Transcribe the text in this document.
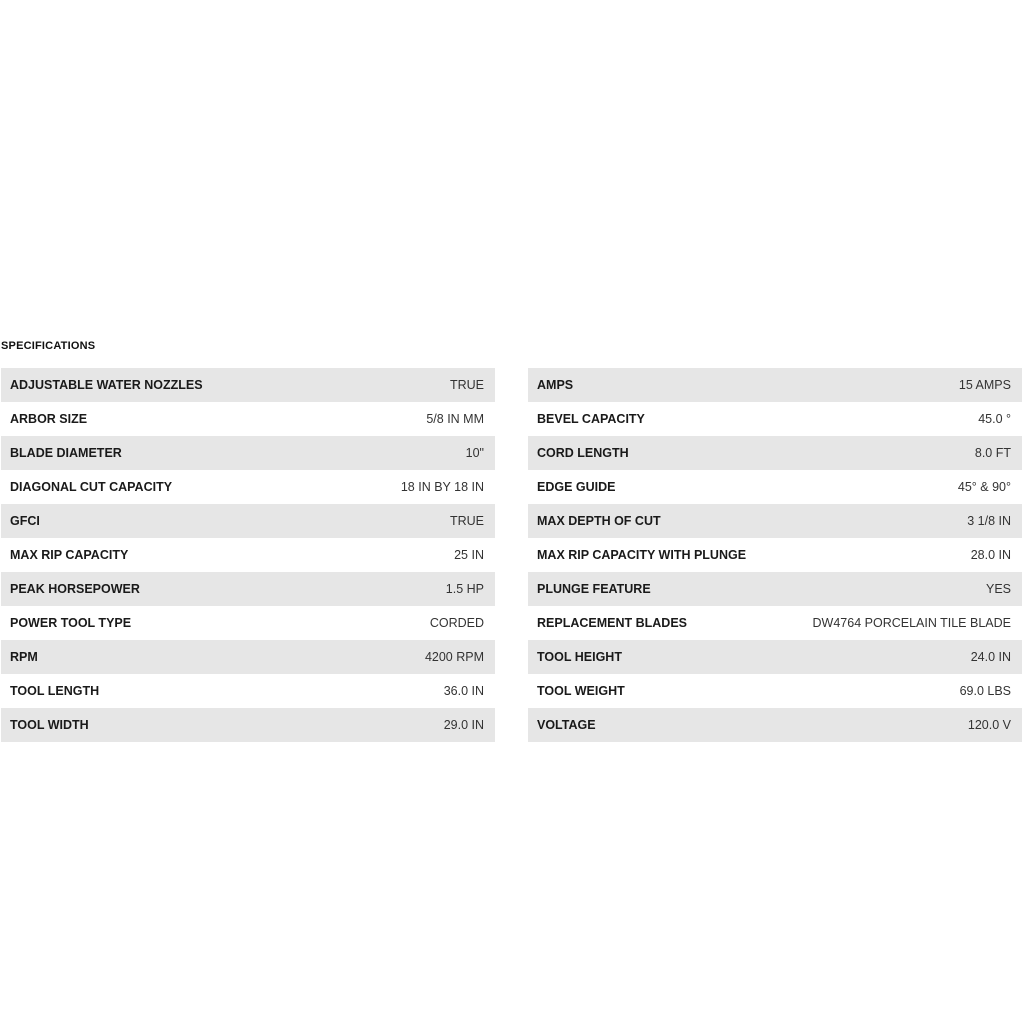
SPECIFICATIONS
ADJUSTABLE WATER NOZZLES	TRUE
ARBOR SIZE	5/8 IN MM
BLADE DIAMETER	10"
DIAGONAL CUT CAPACITY	18 IN BY 18 IN
GFCI	TRUE
MAX RIP CAPACITY	25 IN
PEAK HORSEPOWER	1.5 HP
POWER TOOL TYPE	CORDED
RPM	4200 RPM
TOOL LENGTH	36.0 IN
TOOL WIDTH	29.0 IN
AMPS	15 AMPS
BEVEL CAPACITY	45.0 °
CORD LENGTH	8.0 FT
EDGE GUIDE	45° & 90°
MAX DEPTH OF CUT	3 1/8 IN
MAX RIP CAPACITY WITH PLUNGE	28.0 IN
PLUNGE FEATURE	YES
REPLACEMENT BLADES	DW4764 PORCELAIN TILE BLADE
TOOL HEIGHT	24.0 IN
TOOL WEIGHT	69.0 LBS
VOLTAGE	120.0 V
